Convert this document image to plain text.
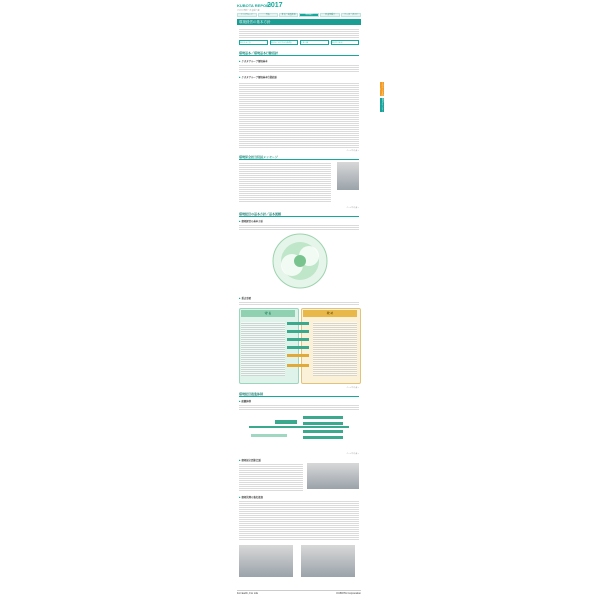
KUBOTA REPORT
2017
クボタ 環境・社会報告書
トップページ	目次	社長・役員挨拶	環境報告	社会性報告	データ・ガイド
環境経営の基本方針
環境基本方針	環境保全に関する行動指針	中期目標	環境経営体制
環境基本／環境基本行動指針
■ クボタグループ環境基本
■ クボタグループ環境基本行動指針
ページの先頭へ
環境保全担当役員メッセージ
ページの先頭へ
環境経営の基本方針／基本図解
■ 環境経営の基本方針
■ 重点事項
守 る	攻 め
ページの先頭へ
環境経営推進体制
■ 組織体制
ページの先頭へ
■ 環境保全活動会議
■ 環境管理の強化推進
For Earth, For Life	KUBOTA Corporation
このページを印刷
PDFダウンロード
